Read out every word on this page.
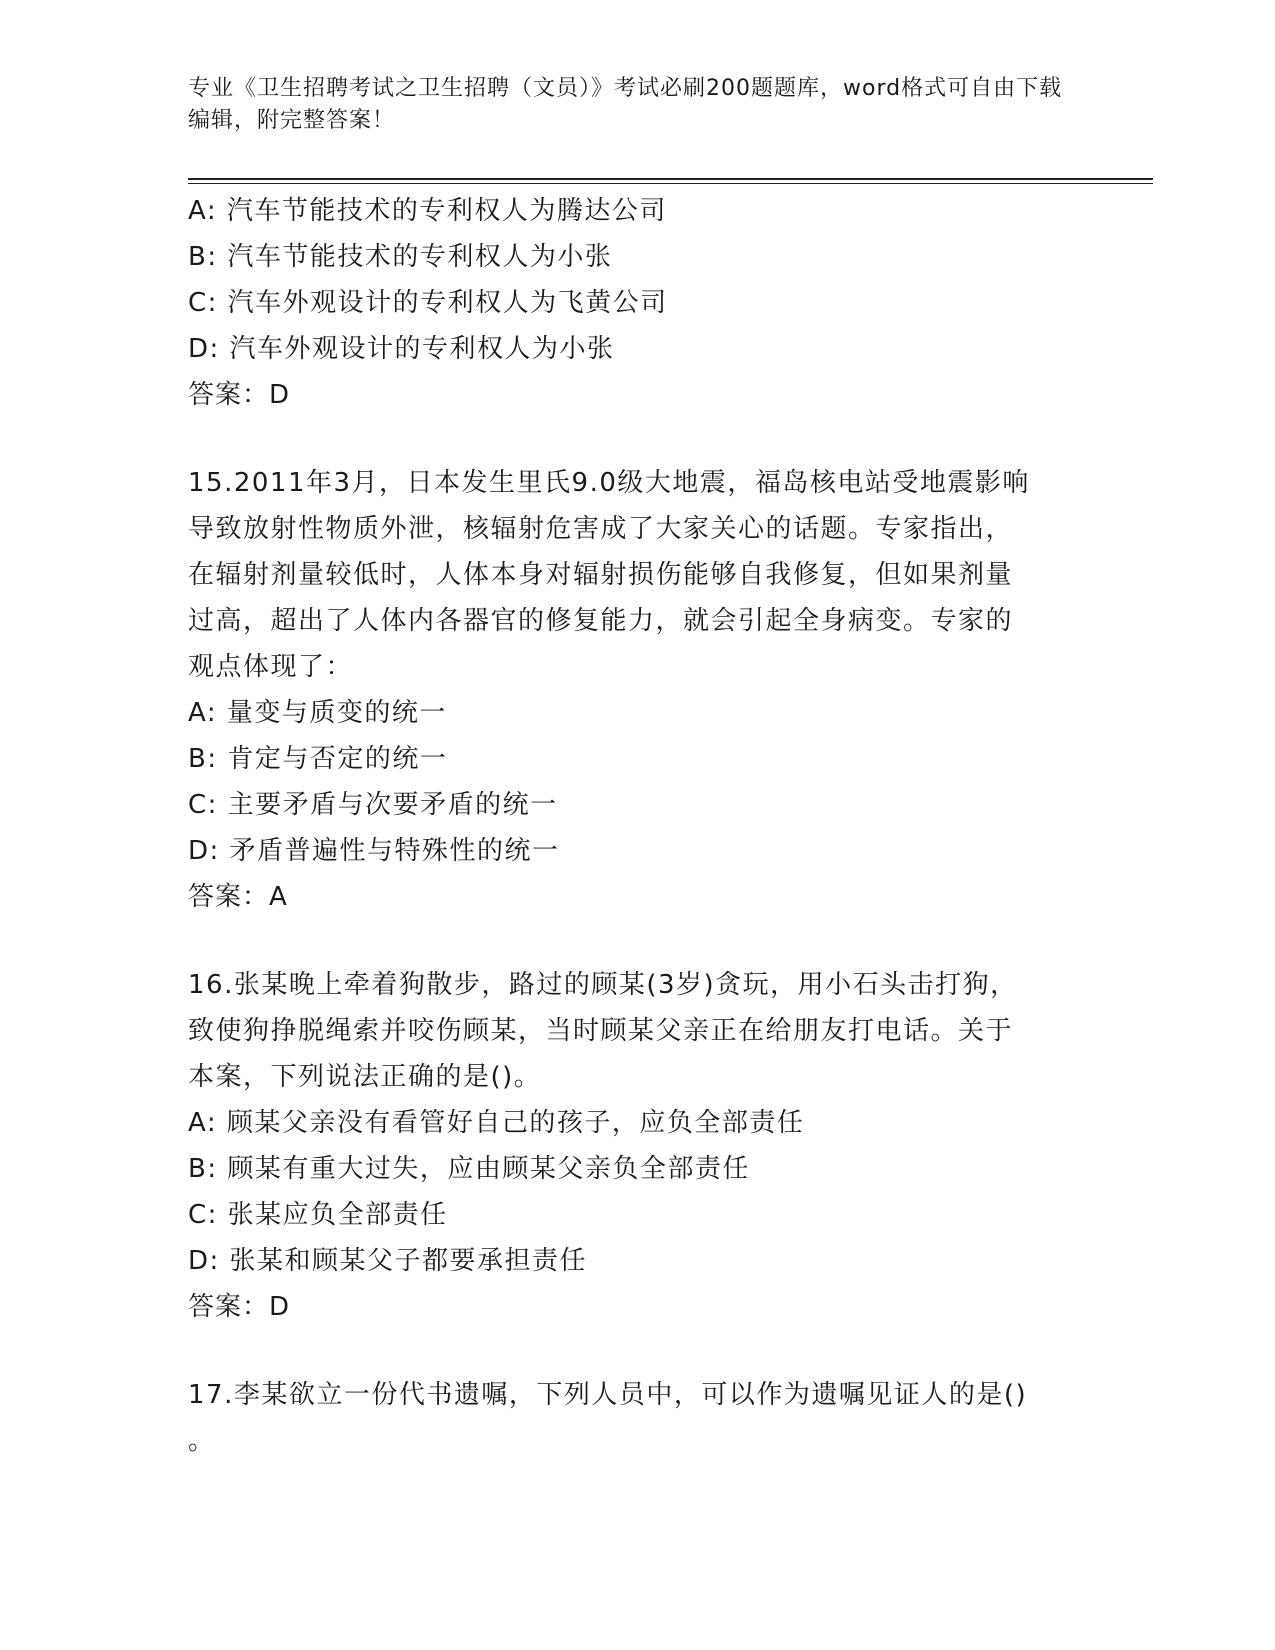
专业《卫生招聘考试之卫生招聘（文员）》考试必刷200题题库，word格式可自由下载编辑，附完整答案！
A: 汽车节能技术的专利权人为腾达公司
B: 汽车节能技术的专利权人为小张
C: 汽车外观设计的专利权人为飞黄公司
D: 汽车外观设计的专利权人为小张
答案：D
15.2011年3月，日本发生里氏9.0级大地震，福岛核电站受地震影响
导致放射性物质外泄，核辐射危害成了大家关心的话题。专家指出，
在辐射剂量较低时，人体本身对辐射损伤能够自我修复，但如果剂量
过高，超出了人体内各器官的修复能力，就会引起全身病变。专家的
观点体现了：
A: 量变与质变的统一
B: 肯定与否定的统一
C: 主要矛盾与次要矛盾的统一
D: 矛盾普遍性与特殊性的统一
答案：A
16.张某晚上牵着狗散步，路过的顾某(3岁)贪玩，用小石头击打狗，
致使狗挣脱绳索并咬伤顾某，当时顾某父亲正在给朋友打电话。关于
本案，下列说法正确的是()。
A: 顾某父亲没有看管好自己的孩子，应负全部责任
B: 顾某有重大过失，应由顾某父亲负全部责任
C: 张某应负全部责任
D: 张某和顾某父子都要承担责任
答案：D
17.李某欲立一份代书遗嘱，下列人员中，可以作为遗嘱见证人的是()
。
